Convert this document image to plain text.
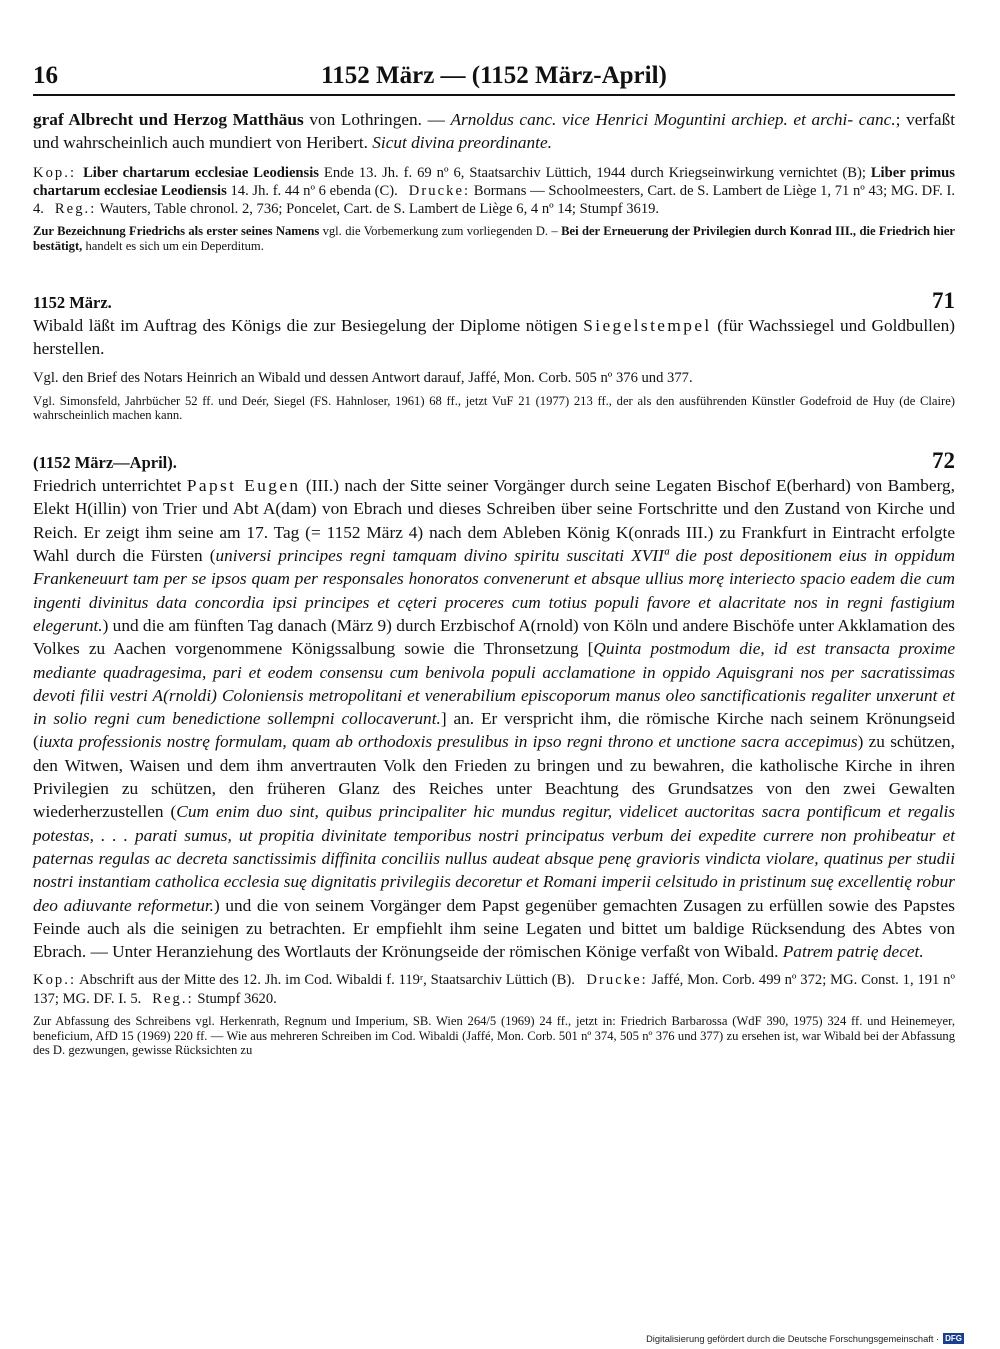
16	1152 März — (1152 März-April)

graf Albrecht und Herzog Matthäus von Lothringen. — Arnoldus canc. vice Henrici Moguntini archiep. et archi- canc.; verfaßt und wahrscheinlich auch mundiert von Heribert. Sicut divina preordinante.

Kop.: Liber chartarum ecclesiae Leodiensis Ende 13. Jh. f. 69 nº 6, Staatsarchiv Lüttich, 1944 durch Kriegseinwirkung vernichtet (B); Liber primus chartarum ecclesiae Leodiensis 14. Jh. f. 44 nº 6 ebenda (C). Drucke: Bormans — Schoolmeesters, Cart. de S. Lambert de Liège 1, 71 nº 43; MG. DF. I. 4. Reg.: Wauters, Table chronol. 2, 736; Poncelet, Cart. de S. Lambert de Liège 6, 4 nº 14; Stumpf 3619.

Zur Bezeichnung Friedrichs als erster seines Namens vgl. die Vorbemerkung zum vorliegenden D. – Bei der Erneuerung der Privilegien durch Konrad III., die Friedrich hier bestätigt, handelt es sich um ein Deperditum.

1152 März.	71

Wibald läßt im Auftrag des Königs die zur Besiegelung der Diplome nötigen Siegelstempel (für Wachssiegel und Goldbullen) herstellen.

Vgl. den Brief des Notars Heinrich an Wibald und dessen Antwort darauf, Jaffé, Mon. Corb. 505 nº 376 und 377.

Vgl. Simonsfeld, Jahrbücher 52 ff. und Deér, Siegel (FS. Hahnloser, 1961) 68 ff., jetzt VuF 21 (1977) 213 ff., der als den ausführenden Künstler Godefroid de Huy (de Claire) wahrscheinlich machen kann.

(1152 März—April).	72

Friedrich unterrichtet Papst Eugen (III.) nach der Sitte seiner Vorgänger durch seine Legaten Bischof E(berhard) von Bamberg, Elekt H(illin) von Trier und Abt A(dam) von Ebrach und dieses Schreiben über seine Fortschritte und den Zustand von Kirche und Reich. Er zeigt ihm seine am 17. Tag (= 1152 März 4) nach dem Ableben König K(onrads III.) zu Frankfurt in Eintracht erfolgte Wahl durch die Fürsten (universi principes regni tamquam divino spiritu suscitati XVIIª die post depositionem eius in oppidum Frankeneuurt tam per se ipsos quam per responsales honoratos convenerunt et absque ullius morę interiecto spacio eadem die cum ingenti divinitus data concordia ipsi principes et cęteri proceres cum totius populi favore et alacritate nos in regni fastigium elegerunt.) und die am fünften Tag danach (März 9) durch Erzbischof A(rnold) von Köln und andere Bischöfe unter Akklamation des Volkes zu Aachen vorgenommene Königssalbung sowie die Thronsetzung [Quinta postmodum die, id est transacta proxime mediante quadragesima, pari et eodem consensu cum benivola populi acclamatione in oppido Aquisgrani nos per sacratissimas devoti filii vestri A(rnoldi) Coloniensis metropolitani et venerabilium episcoporum manus oleo sanctificationis regaliter unxerunt et in solio regni cum benedictione sollempni collocaverunt.] an. Er verspricht ihm, die römische Kirche nach seinem Krönungseid (iuxta professionis nostrę formulam, quam ab orthodoxis presulibus in ipso regni throno et unctione sacra accepimus) zu schützen, den Witwen, Waisen und dem ihm anvertrauten Volk den Frieden zu bringen und zu bewahren, die katholische Kirche in ihren Privilegien zu schützen, den früheren Glanz des Reiches unter Beachtung des Grundsatzes von den zwei Gewalten wiederherzustellen (Cum enim duo sint, quibus principaliter hic mundus regitur, videlicet auctoritas sacra pontificum et regalis potestas, . . . parati sumus, ut propitia divinitate temporibus nostri principatus verbum dei expedite currere non prohibeatur et paternas regulas ac decreta sanctissimis diffinita conciliis nullus audeat absque penę gravioris vindicta violare, quatinus per studii nostri instantiam catholica ecclesia suę dignitatis privilegiis decoretur et Romani imperii celsitudo in pristinum suę excellentię robur deo adiuvante reformetur.) und die von seinem Vorgänger dem Papst gegenüber gemachten Zusagen zu erfüllen sowie des Papstes Feinde auch als die seinigen zu betrachten. Er empfiehlt ihm seine Legaten und bittet um baldige Rücksendung des Abtes von Ebrach. — Unter Heranziehung des Wortlauts der Krönungseide der römischen Könige verfaßt von Wibald. Patrem patrię decet.

Kop.: Abschrift aus der Mitte des 12. Jh. im Cod. Wibaldi f. 119ʳ, Staatsarchiv Lüttich (B). Drucke: Jaffé, Mon. Corb. 499 nº 372; MG. Const. 1, 191 nº 137; MG. DF. I. 5. Reg.: Stumpf 3620.

Zur Abfassung des Schreibens vgl. Herkenrath, Regnum und Imperium, SB. Wien 264/5 (1969) 24 ff., jetzt in: Friedrich Barbarossa (WdF 390, 1975) 324 ff. und Heinemeyer, beneficium, AfD 15 (1969) 220 ff. — Wie aus mehreren Schreiben im Cod. Wibaldi (Jaffé, Mon. Corb. 501 nº 374, 505 nº 376 und 377) zu ersehen ist, war Wibald bei der Abfassung des D. gezwungen, gewisse Rücksichten zu

Digitalisierung gefördert durch die Deutsche Forschungsgemeinschaft · DFG
